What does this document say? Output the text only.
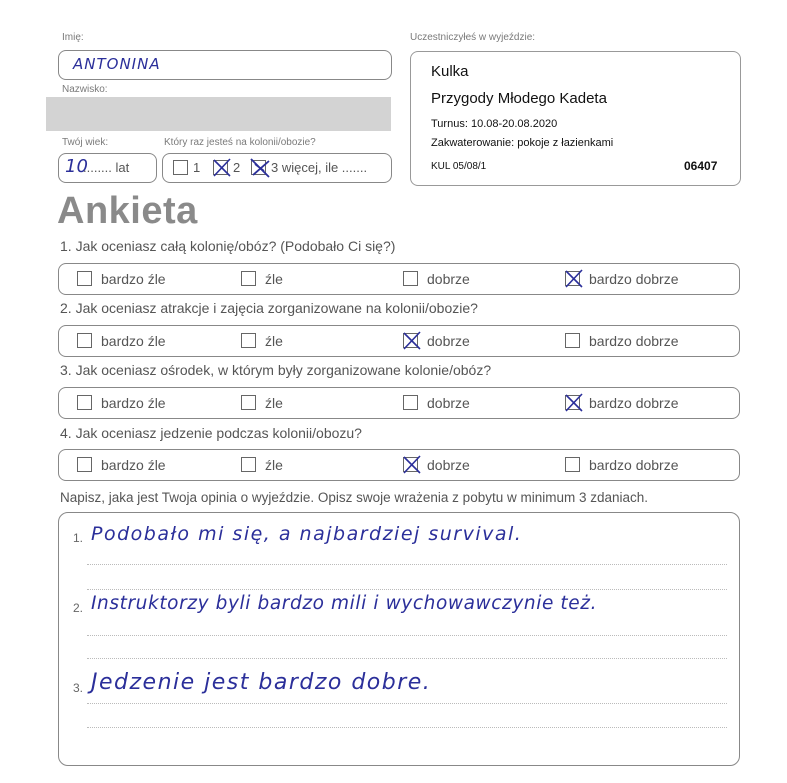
Imię:
ANTONINA
Nazwisko:
Twój wiek:
10
........ lat
Który raz jesteś na kolonii/obozie?
1	2 3 więcej, ile .......
Uczestniczyłeś w wyjeździe:
Kulka
Przygody Młodego Kadeta
Turnus: 10.08-20.08.2020
Zakwaterowanie: pokoje z łazienkami
KUL 05/08/1	06407
Ankieta
1. Jak oceniasz całą kolonię/obóz? (Podobało Ci się?)
bardzo źle	źle	dobrze	bardzo dobrze
2. Jak oceniasz atrakcje i zajęcia zorganizowane na kolonii/obozie?
bardzo źle	źle	dobrze	bardzo dobrze
3. Jak oceniasz ośrodek, w którym były zorganizowane kolonie/obóz?
bardzo źle	źle	dobrze	bardzo dobrze
4. Jak oceniasz jedzenie podczas kolonii/obozu?
bardzo źle	źle	dobrze	bardzo dobrze
Napisz, jaka jest Twoja opinia o wyjeździe. Opisz swoje wrażenia z pobytu w minimum 3 zdaniach.
1. Podobało mi się, a najbardziej survival.
2. Instruktorzy byli bardzo mili i wychowawczynie też.
3. Jedzenie jest bardzo dobre.
